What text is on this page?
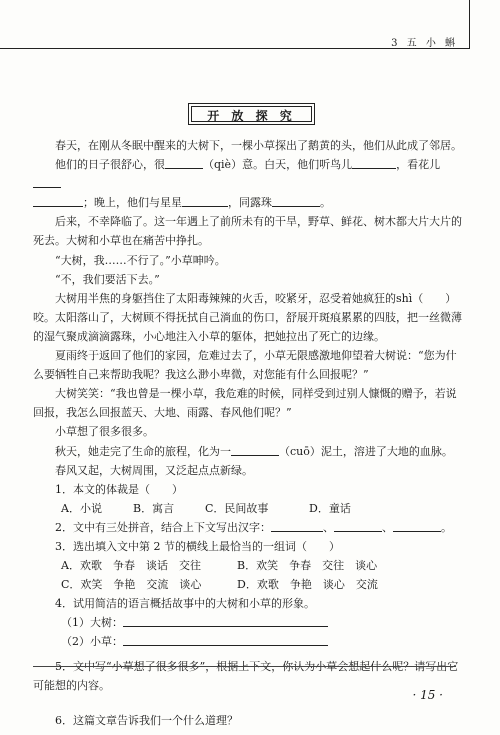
3 五 小 蝌
开 放 探 究

春天，在刚从冬眠中醒来的大树下，一棵小草探出了鹅黄的头，他们从此成了邻居。

他们的日子很舒心，很	（qiè）意。白天，他们听鸟儿	，看花儿
；晚上，他们与星星	，同露珠	。

后来，不幸降临了。这一年遇上了前所未有的干旱，野草、鲜花、树木都大片大片的死去。大树和小草也在痛苦中挣扎。

“大树，我……不行了。”小草呻吟。

“不，我们要活下去。”

大树用半焦的身躯挡住了太阳毒辣辣的火舌，咬紧牙，忍受着她疯狂的shì（　　）咬。太阳落山了，大树顾不得抚拭自己淌血的伤口，舒展开斑痕累累的四肢，把一丝微薄的湿气聚成滴滴露珠，小心地注入小草的躯体，把她拉出了死亡的边缘。

夏雨终于返回了他们的家园，危难过去了，小草无限感激地仰望着大树说：“您为什么要牺牲自己来帮助我呢？我这么渺小卑微，对您能有什么回报呢？”

大树笑笑：“我也曾是一棵小草，我危难的时候，同样受到过别人慷慨的赠予，若说回报，我怎么回报蓝天、大地、雨露、春风他们呢？”

小草想了很多很多。

秋天，她走完了生命的旅程，化为一	（cuō）泥土，溶进了大地的血脉。

春风又起，大树周围，又泛起点点新绿。

1．本文的体裁是（　　）

A．小说	B．寓言	C．民间故事	D．童话

2．文中有三处拼音，结合上下文写出汉字：	、	、	。

3．选出填入文中第 2 节的横线上最恰当的一组词（　　）

A．欢歌　争春　谈话　交往	B．欢笑　争春　交往　谈心

C．欢笑　争艳　交流　谈心	D．欢歌　争艳　谈心　交流

4．试用简洁的语言概括故事中的大树和小草的形象。

（1）大树：

（2）小草：

5．文中写“小草想了很多很多”，根据上下文，你认为小草会想起什么呢？请写出它可能想的内容。

6．这篇文章告诉我们一个什么道理？

· 15 ·
